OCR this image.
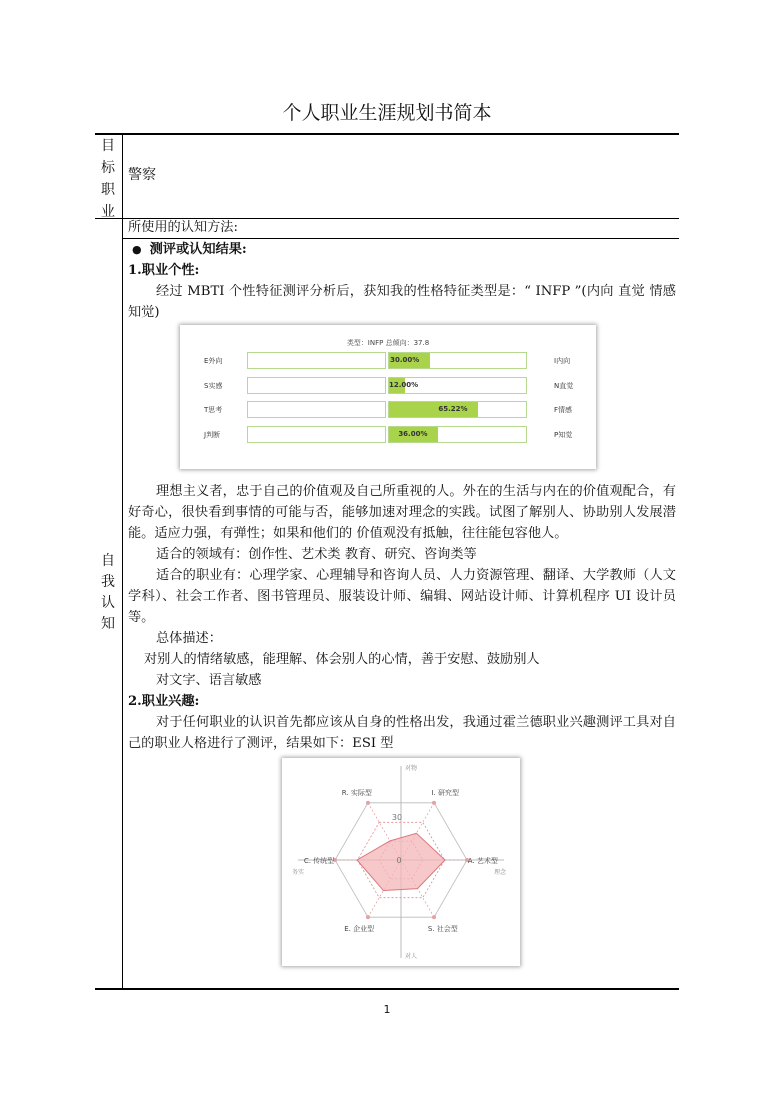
个人职业生涯规划书简本
目
标
职
业
警察
所使用的认知方法:
自
我
认
知

● 测评或认知结果:

1.职业个性:

经过 MBTI 个性特征测评分析后，获知我的性格特征类型是：“ INFP ”(内向 直觉 情感 知觉)

类型：INFP 总倾向：37.8
E外向	30.00%	I内向
S实感	12.00%	N直觉
T思考	65.22%	F情感
J判断	36.00%	P知觉

理想主义者，忠于自己的价值观及自己所重视的人。外在的生活与内在的价值观配合，有好奇心，很快看到事情的可能与否，能够加速对理念的实践。试图了解别人、协助别人发展潜能。适应力强，有弹性；如果和他们的 价值观没有抵触，往往能包容他人。

适合的领域有：创作性、艺术类 教育、研究、咨询类等

适合的职业有：心理学家、心理辅导和咨询人员、人力资源管理、翻译、大学教师（人文学科）、社会工作者、图书管理员、服装设计师、编辑、网站设计师、计算机程序 UI 设计员等。

总体描述：

对别人的情绪敏感，能理解、体会别人的心情，善于安慰、鼓励别人

对文字、语言敏感

2.职业兴趣:

对于任何职业的认识首先都应该从自身的性格出发，我通过霍兰德职业兴趣测评工具对自己的职业人格进行了测评，结果如下：ESI 型

R. 实际型	I. 研究型
A. 艺术型
S. 社会型
E. 企业型
C. 传统型
30
0
对物
对人
务实	理念
1
